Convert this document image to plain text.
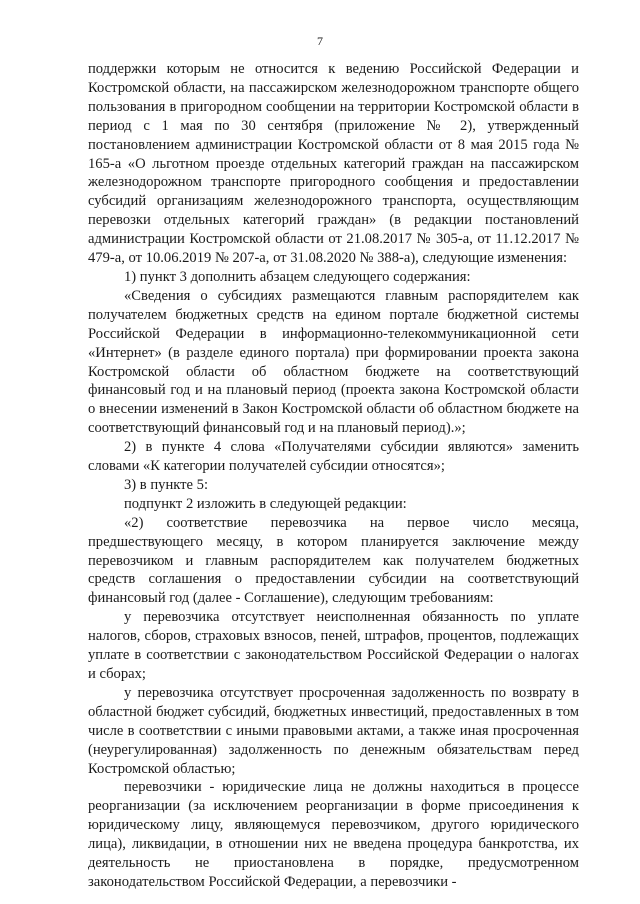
7

поддержки которым не относится к ведению Российской Федерации и Костромской области, на пассажирском железнодорожном транспорте общего пользования в пригородном сообщении на территории Костромской области в период с 1 мая по 30 сентября (приложение № 2), утвержденный постановлением администрации Костромской области от 8 мая 2015 года № 165-а «О льготном проезде отдельных категорий граждан на пассажирском железнодорожном транспорте пригородного сообщения и предоставлении субсидий организациям железнодорожного транспорта, осуществляющим перевозки отдельных категорий граждан» (в редакции постановлений администрации Костромской области от 21.08.2017 № 305-а, от 11.12.2017 № 479-а, от 10.06.2019 № 207-а, от 31.08.2020 № 388-а), следующие изменения:

1) пункт 3 дополнить абзацем следующего содержания:

«Сведения о субсидиях размещаются главным распорядителем как получателем бюджетных средств на едином портале бюджетной системы Российской Федерации в информационно-телекоммуникационной сети «Интернет» (в разделе единого портала) при формировании проекта закона Костромской области об областном бюджете на соответствующий финансовый год и на плановый период (проекта закона Костромской области о внесении изменений в Закон Костромской области об областном бюджете на соответствующий финансовый год и на плановый период).»;

2) в пункте 4 слова «Получателями субсидии являются» заменить словами «К категории получателей субсидии относятся»;

3) в пункте 5:

подпункт 2 изложить в следующей редакции:

«2) соответствие перевозчика на первое число месяца, предшествующего месяцу, в котором планируется заключение между перевозчиком и главным распорядителем как получателем бюджетных средств соглашения о предоставлении субсидии на соответствующий финансовый год (далее - Соглашение), следующим требованиям:

у перевозчика отсутствует неисполненная обязанность по уплате налогов, сборов, страховых взносов, пеней, штрафов, процентов, подлежащих уплате в соответствии с законодательством Российской Федерации о налогах и сборах;

у перевозчика отсутствует просроченная задолженность по возврату в областной бюджет субсидий, бюджетных инвестиций, предоставленных в том числе в соответствии с иными правовыми актами, а также иная просроченная (неурегулированная) задолженность по денежным обязательствам перед Костромской областью;

перевозчики - юридические лица не должны находиться в процессе реорганизации (за исключением реорганизации в форме присоединения к юридическому лицу, являющемуся перевозчиком, другого юридического лица), ликвидации, в отношении них не введена процедура банкротства, их деятельность не приостановлена в порядке, предусмотренном законодательством Российской Федерации, а перевозчики -
